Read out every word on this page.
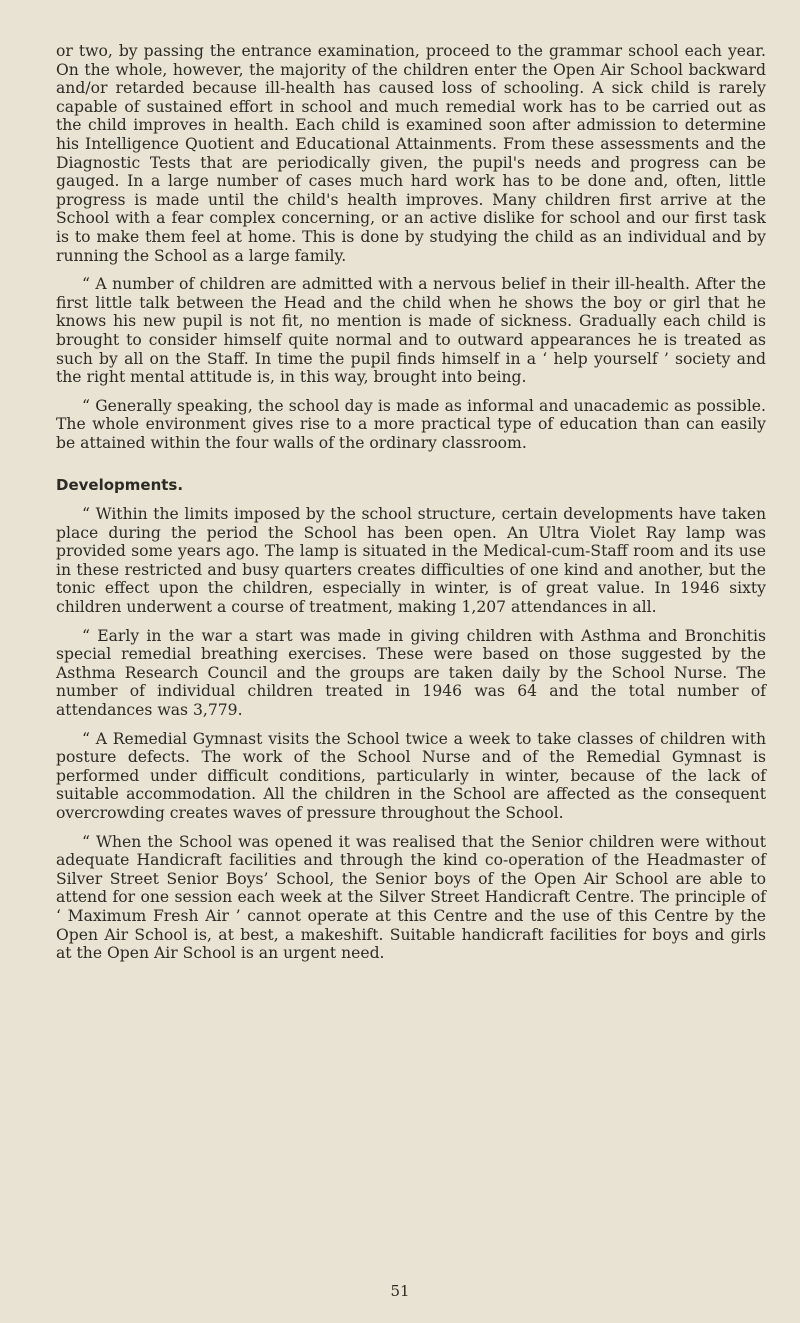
or two, by passing the entrance examination, proceed to the grammar school each year. On the whole, however, the majority of the children enter the Open Air School backward and/or retarded because ill-health has caused loss of schooling. A sick child is rarely capable of sustained effort in school and much remedial work has to be carried out as the child improves in health. Each child is examined soon after admission to determine his Intelligence Quotient and Educational Attainments. From these assessments and the Diagnostic Tests that are periodically given, the pupil's needs and progress can be gauged. In a large number of cases much hard work has to be done and, often, little progress is made until the child's health improves. Many children first arrive at the School with a fear complex concerning, or an active dislike for school and our first task is to make them feel at home. This is done by studying the child as an individual and by running the School as a large family.

“ A number of children are admitted with a nervous belief in their ill-health. After the first little talk between the Head and the child when he shows the boy or girl that he knows his new pupil is not fit, no mention is made of sickness. Gradually each child is brought to consider himself quite normal and to outward appearances he is treated as such by all on the Staff. In time the pupil finds himself in a ‘ help yourself ’ society and the right mental attitude is, in this way, brought into being.

“ Generally speaking, the school day is made as informal and unacademic as possible. The whole environment gives rise to a more practical type of education than can easily be attained within the four walls of the ordinary classroom.

Developments.

“ Within the limits imposed by the school structure, certain developments have taken place during the period the School has been open. An Ultra Violet Ray lamp was provided some years ago. The lamp is situated in the Medical-cum-Staff room and its use in these restricted and busy quarters creates difficulties of one kind and another, but the tonic effect upon the children, especially in winter, is of great value. In 1946 sixty children underwent a course of treatment, making 1,207 attendances in all.

“ Early in the war a start was made in giving children with Asthma and Bronchitis special remedial breathing exercises. These were based on those suggested by the Asthma Research Council and the groups are taken daily by the School Nurse. The number of individual children treated in 1946 was 64 and the total number of attendances was 3,779.

“ A Remedial Gymnast visits the School twice a week to take classes of children with posture defects. The work of the School Nurse and of the Remedial Gymnast is performed under difficult conditions, particularly in winter, because of the lack of suitable accommodation. All the children in the School are affected as the consequent overcrowding creates waves of pressure throughout the School.

“ When the School was opened it was realised that the Senior children were without adequate Handicraft facilities and through the kind co-operation of the Headmaster of Silver Street Senior Boys’ School, the Senior boys of the Open Air School are able to attend for one session each week at the Silver Street Handicraft Centre. The principle of ‘ Maximum Fresh Air ’ cannot operate at this Centre and the use of this Centre by the Open Air School is, at best, a makeshift. Suitable handicraft facilities for boys and girls at the Open Air School is an urgent need.

51
